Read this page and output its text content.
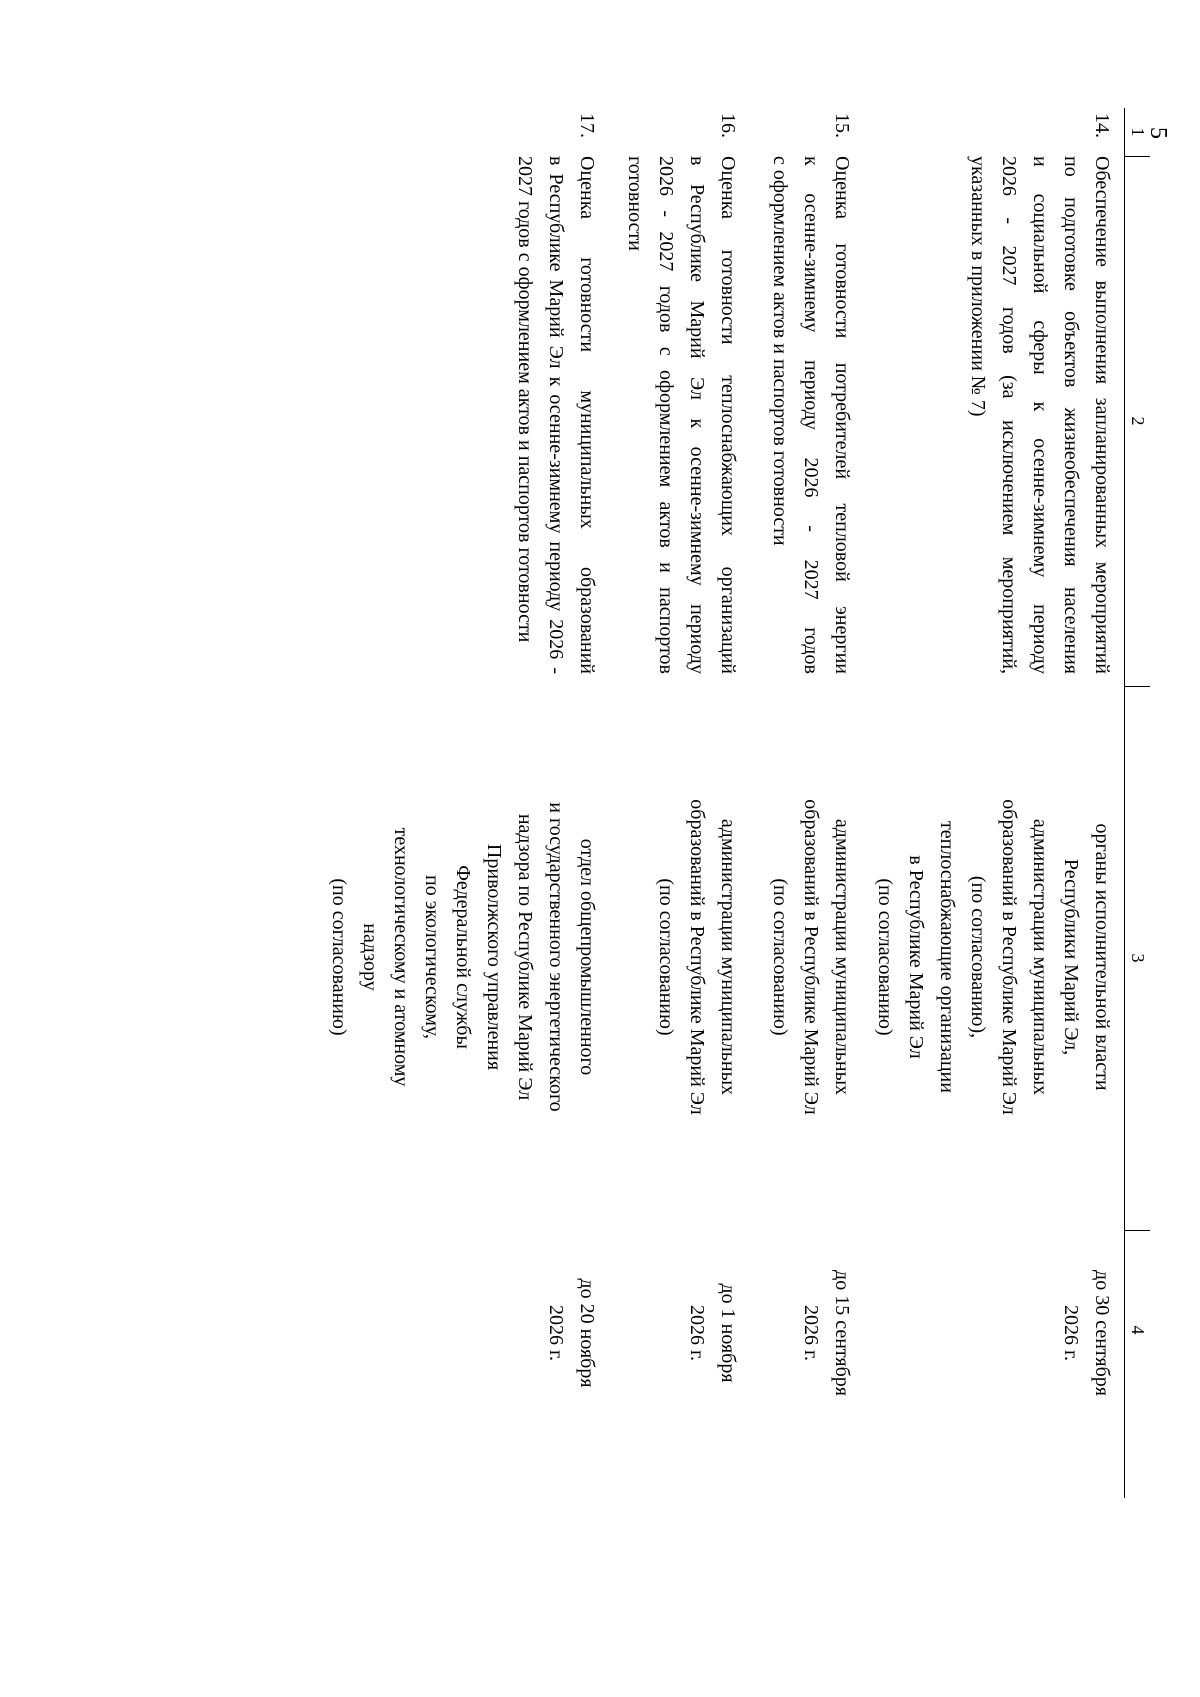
5
1
2
3
4
14.
Обеспечение выполнения запланированных мероприятий
по подготовке объектов жизнеобеспечения населения
и социальной сферы к осенне-зимнему периоду
2026 - 2027 годов (за исключением мероприятий,
указанных в приложении № 7)
органы исполнительной власти
Республики Марий Эл,
администрации муниципальных
образований в Республике Марий Эл
(по согласованию),
теплоснабжающие организации
в Республике Марий Эл
(по согласованию)
до 30 сентября
2026 г.
15.
Оценка готовности потребителей тепловой энергии
к осенне-зимнему периоду 2026 - 2027 годов
с оформлением актов и паспортов готовности
администрации муниципальных
образований в Республике Марий Эл
(по согласованию)
до 15 сентября
2026 г.
16.
Оценка готовности теплоснабжающих организаций
в Республике Марий Эл к осенне-зимнему периоду
2026 - 2027 годов с оформлением актов и паспортов
готовности
администрации муниципальных
образований в Республике Марий Эл
(по согласованию)
до 1 ноября
2026 г.
17.
Оценка готовности муниципальных образований
в Республике Марий Эл к осенне-зимнему периоду 2026 -
2027 годов с оформлением актов и паспортов готовности
отдел общепромышленного
и государственного энергетического
надзора по Республике Марий Эл
Приволжского управления
Федеральной службы
по экологическому,
технологическому и атомному
надзору
(по согласованию)
до 20 ноября
2026 г.
